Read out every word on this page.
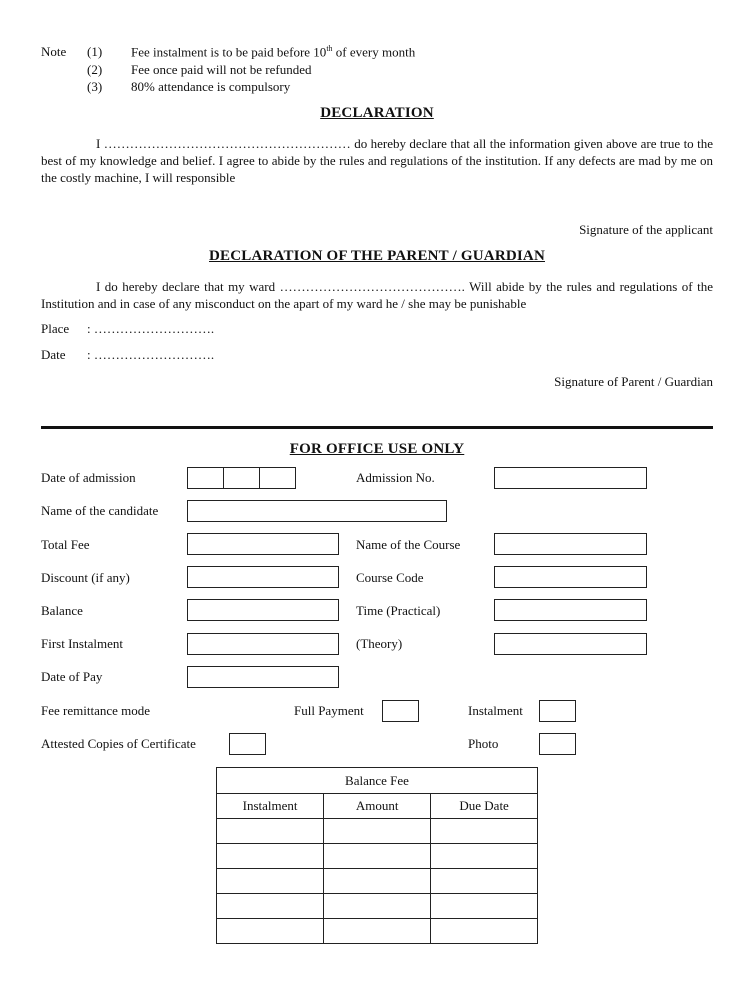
Note (1) Fee instalment is to be paid before 10th of every month
(2) Fee once paid will not be refunded
(3) 80% attendance is compulsory
DECLARATION
I ………………………………………………… do hereby declare that all the information given above are true to the best of my knowledge and belief. I agree to abide by the rules and regulations of the institution. If any defects are mad by me on the costly machine, I will responsible
Signature of the applicant
DECLARATION OF THE PARENT / GUARDIAN
I do hereby declare that my ward ……………………………………. Will abide by the rules and regulations of the Institution and in case of any misconduct on the apart of my ward he / she may be punishable
Place : ……………………….
Date : ……………………….
Signature of Parent / Guardian
FOR OFFICE USE ONLY
Date of admission	Admission No.
Name of the candidate
Total Fee	Name of the Course
Discount (if any)	Course Code
Balance	Time (Practical)
First Instalment	(Theory)
Date of Pay
Fee remittance mode	Full Payment	Instalment
Attested Copies of Certificate	Photo
Balance Fee		
Instalment	Amount	Due Date
